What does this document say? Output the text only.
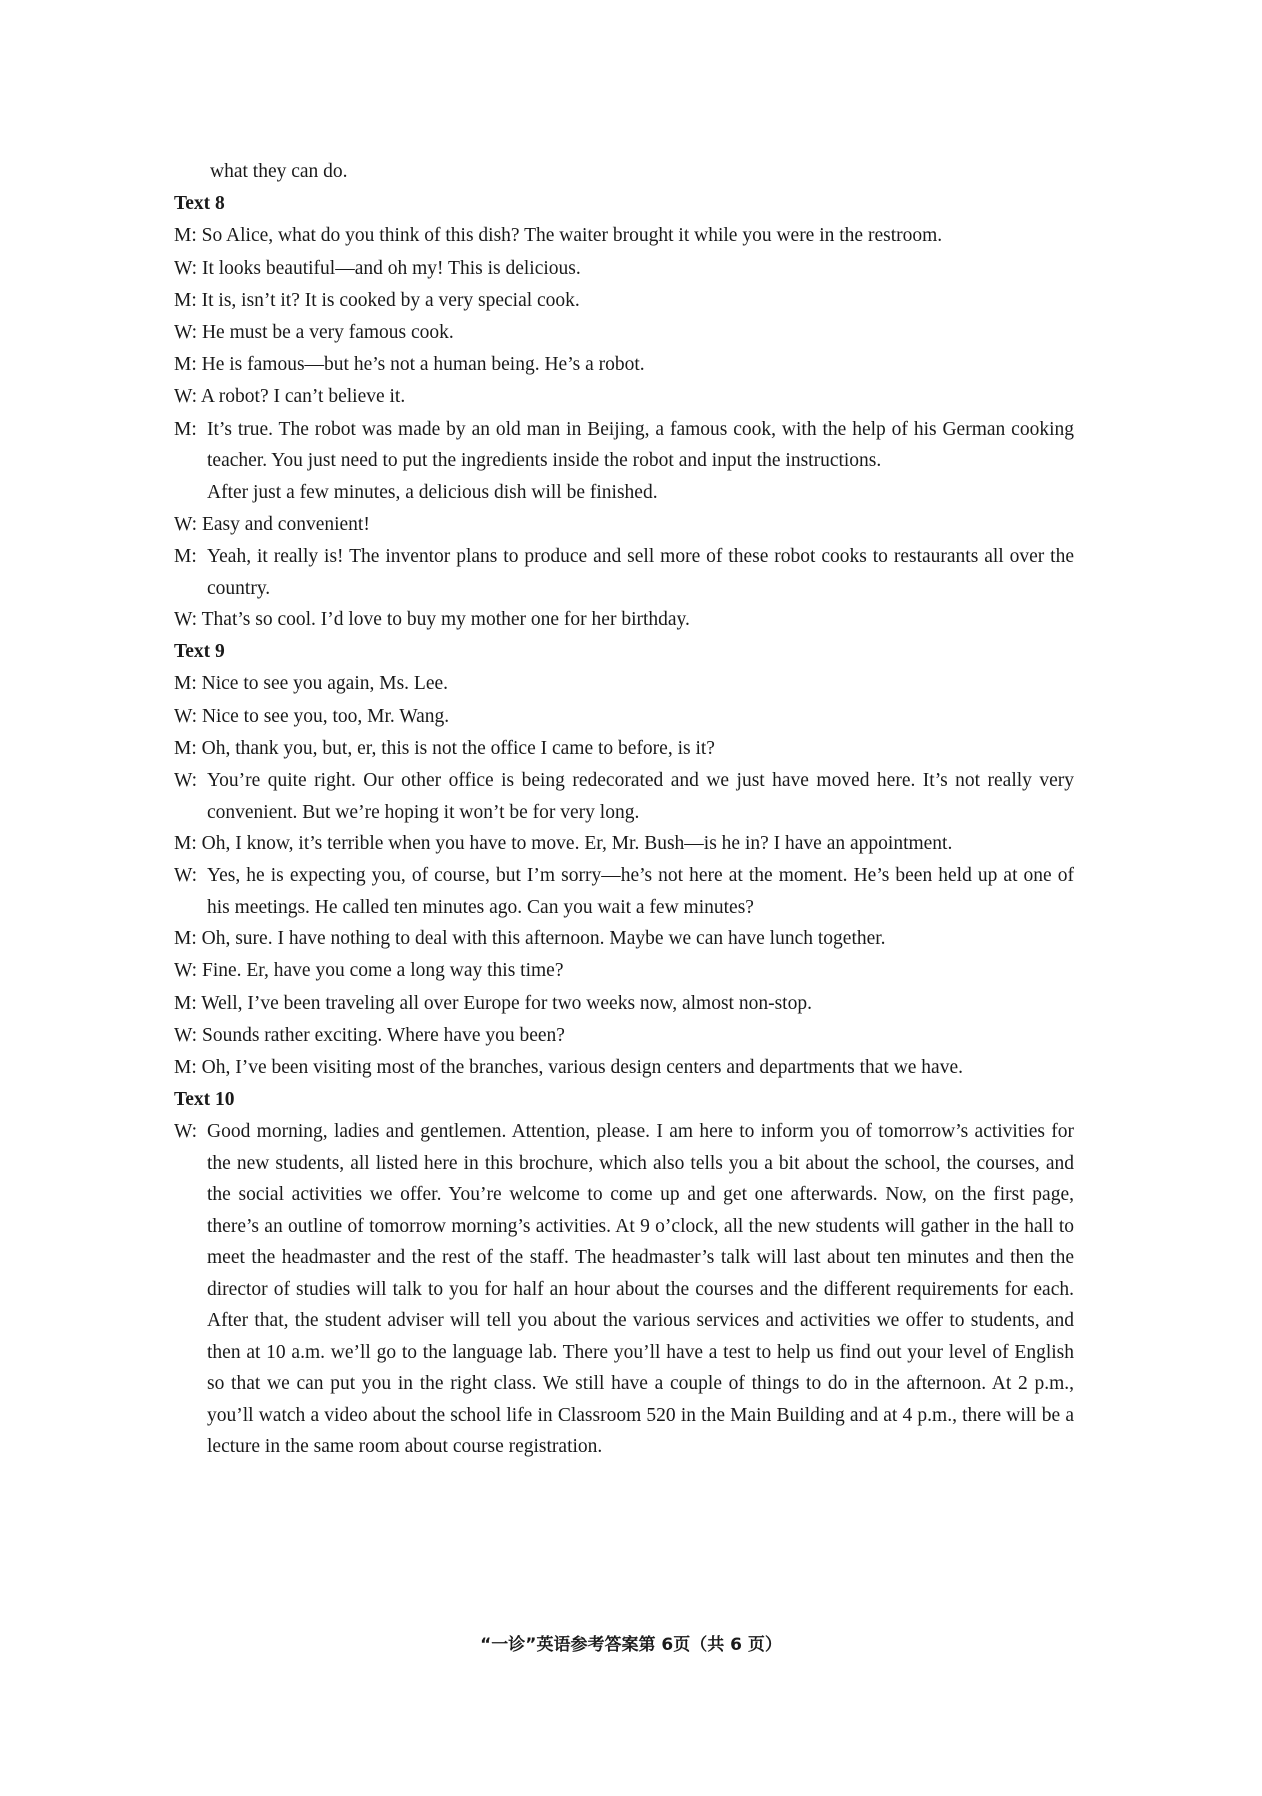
what they can do.
Text 8
M: So Alice, what do you think of this dish? The waiter brought it while you were in the restroom.
W: It looks beautiful—and oh my! This is delicious.
M: It is, isn’t it? It is cooked by a very special cook.
W: He must be a very famous cook.
M: He is famous—but he’s not a human being. He’s a robot.
W: A robot? I can’t believe it.
M: It’s true. The robot was made by an old man in Beijing, a famous cook, with the help of his German cooking teacher. You just need to put the ingredients inside the robot and input the instructions.
After just a few minutes, a delicious dish will be finished.
W: Easy and convenient!
M: Yeah, it really is! The inventor plans to produce and sell more of these robot cooks to restaurants all over the country.
W: That’s so cool. I’d love to buy my mother one for her birthday.
Text 9
M: Nice to see you again, Ms. Lee.
W: Nice to see you, too, Mr. Wang.
M: Oh, thank you, but, er, this is not the office I came to before, is it?
W: You’re quite right. Our other office is being redecorated and we just have moved here. It’s not really very convenient. But we’re hoping it won’t be for very long.
M: Oh, I know, it’s terrible when you have to move. Er, Mr. Bush—is he in? I have an appointment.
W: Yes, he is expecting you, of course, but I’m sorry—he’s not here at the moment. He’s been held up at one of his meetings. He called ten minutes ago. Can you wait a few minutes?
M: Oh, sure. I have nothing to deal with this afternoon. Maybe we can have lunch together.
W: Fine. Er, have you come a long way this time?
M: Well, I’ve been traveling all over Europe for two weeks now, almost non-stop.
W: Sounds rather exciting. Where have you been?
M: Oh, I’ve been visiting most of the branches, various design centers and departments that we have.
Text 10
W: Good morning, ladies and gentlemen. Attention, please. I am here to inform you of tomorrow’s activities for the new students, all listed here in this brochure, which also tells you a bit about the school, the courses, and the social activities we offer. You’re welcome to come up and get one afterwards. Now, on the first page, there’s an outline of tomorrow morning’s activities. At 9 o’clock, all the new students will gather in the hall to meet the headmaster and the rest of the staff. The headmaster’s talk will last about ten minutes and then the director of studies will talk to you for half an hour about the courses and the different requirements for each. After that, the student adviser will tell you about the various services and activities we offer to students, and then at 10 a.m. we’ll go to the language lab. There you’ll have a test to help us find out your level of English so that we can put you in the right class. We still have a couple of things to do in the afternoon. At 2 p.m., you’ll watch a video about the school life in Classroom 520 in the Main Building and at 4 p.m., there will be a lecture in the same room about course registration.
“一诊”英语参考答案第 6页（共 6 页）
